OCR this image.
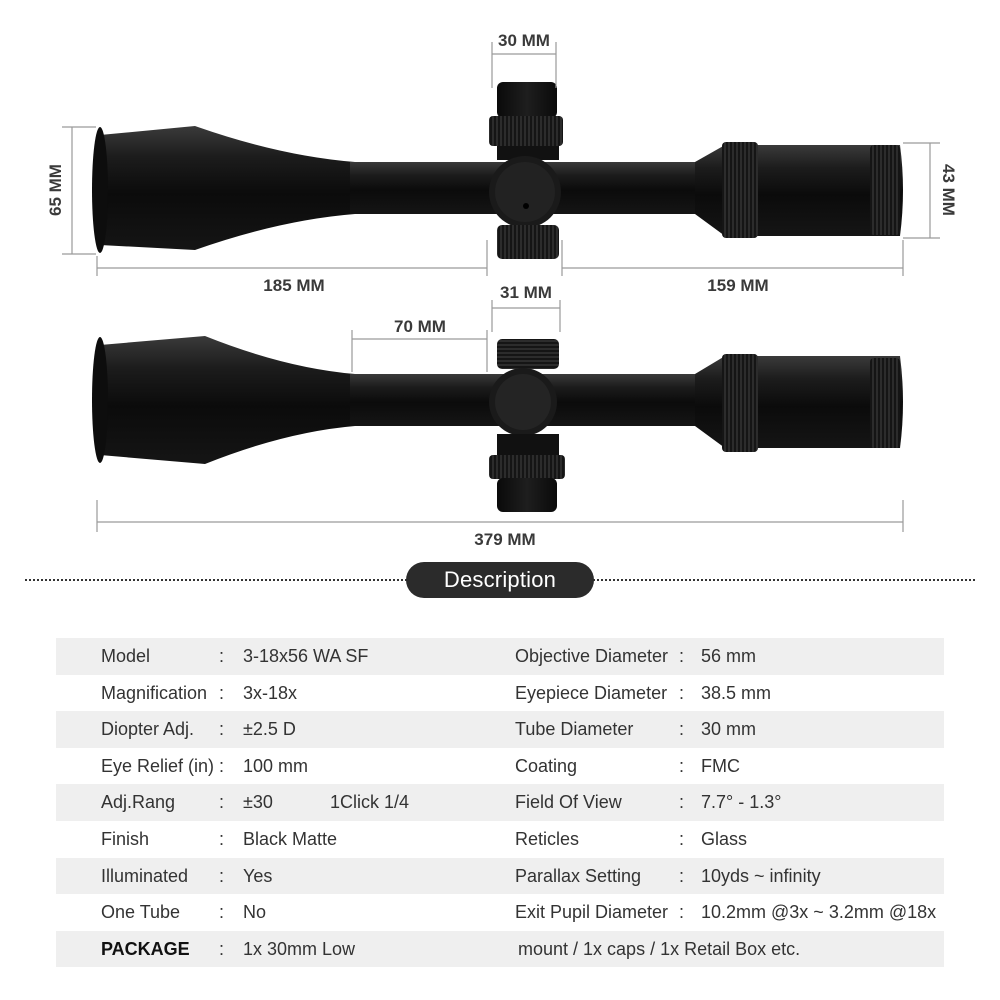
30 MM
65 MM	43 MM
185 MM	31 MM	159 MM
70 MM
379 MM
Description
Model	: 3-18x56 WA SF	Objective Diameter : 56 mm
Magnification : 3x-18x	Eyepiece Diameter : 38.5 mm
Diopter Adj. : ±2.5 D	Tube Diameter	: 30 mm
Eye Relief (in) : 100 mm	Coating	: FMC
Adj.Rang : ±30	1Click 1/4	Field Of View	: 7.7° - 1.3°
Finish	: Black Matte	Reticles	: Glass
Illuminated : Yes	Parallax Setting : 10yds ~ infinity
One Tube : No	Exit Pupil Diameter : 10.2mm @3x ~ 3.2mm @18x
PACKAGE : 1x 30mm Low	mount / 1x caps / 1x Retail Box etc.
